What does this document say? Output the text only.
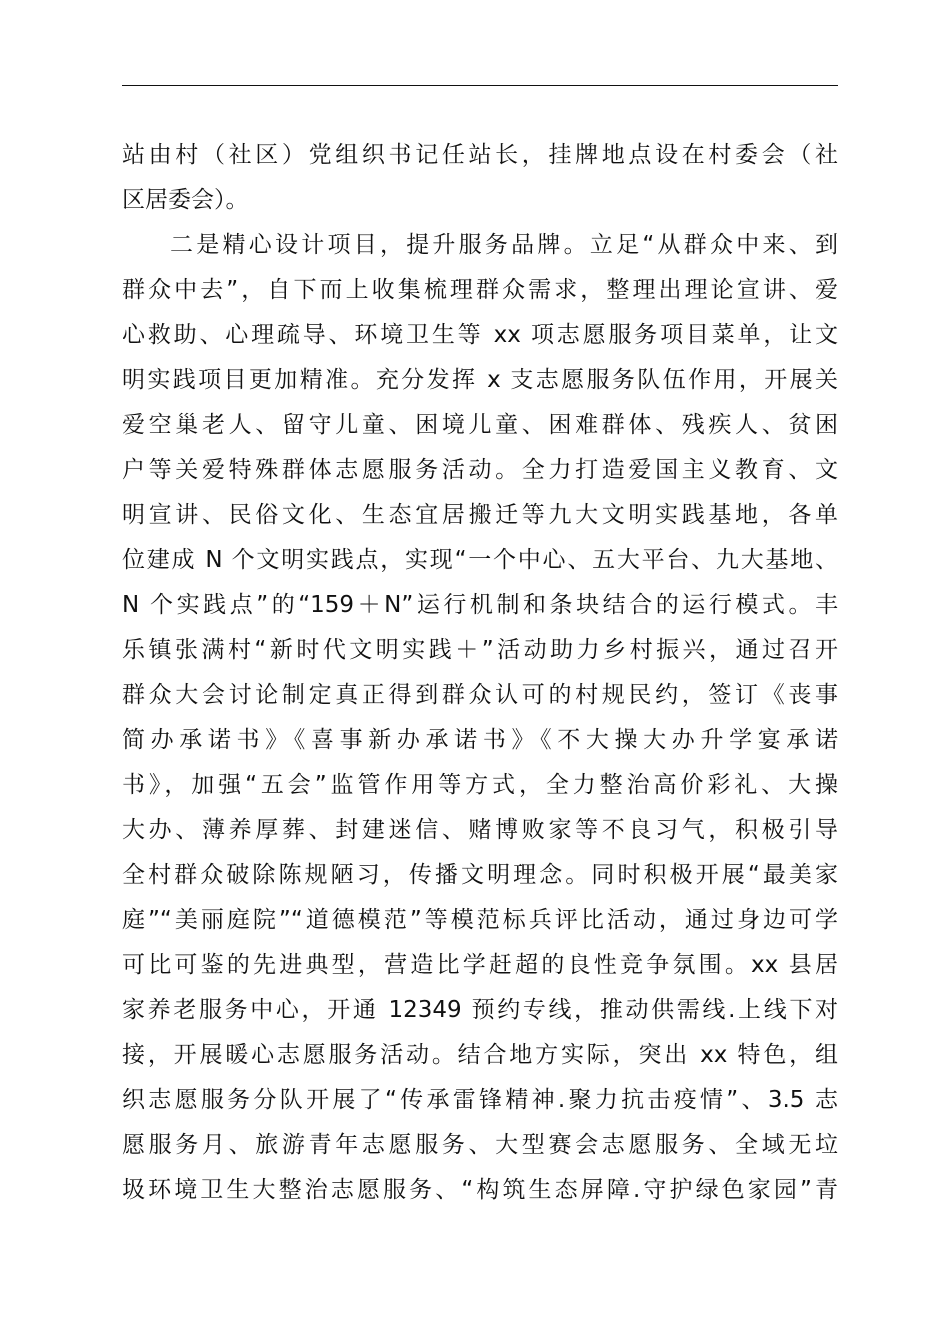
站由村（社区）党组织书记任站长，挂牌地点设在村委会（社
区居委会）。
二是精心设计项目，提升服务品牌。立足“从群众中来、到
群众中去”，自下而上收集梳理群众需求，整理出理论宣讲、爱
心救助、心理疏导、环境卫生等 xx 项志愿服务项目菜单，让文
明实践项目更加精准。充分发挥 x 支志愿服务队伍作用，开展关
爱空巢老人、留守儿童、困境儿童、困难群体、残疾人、贫困
户等关爱特殊群体志愿服务活动。全力打造爱国主义教育、文
明宣讲、民俗文化、生态宜居搬迁等九大文明实践基地，各单
位建成 N 个文明实践点，实现“一个中心、五大平台、九大基地、
N 个实践点”的“159＋N”运行机制和条块结合的运行模式。丰
乐镇张满村“新时代文明实践＋”活动助力乡村振兴，通过召开
群众大会讨论制定真正得到群众认可的村规民约，签订《丧事
简办承诺书》《喜事新办承诺书》《不大操大办升学宴承诺
书》，加强“五会”监管作用等方式，全力整治高价彩礼、大操
大办、薄养厚葬、封建迷信、赌博败家等不良习气，积极引导
全村群众破除陈规陋习，传播文明理念。同时积极开展“最美家
庭”“美丽庭院”“道德模范”等模范标兵评比活动，通过身边可学
可比可鉴的先进典型，营造比学赶超的良性竞争氛围。xx 县居
家养老服务中心，开通 12349 预约专线，推动供需线.上线下对
接，开展暖心志愿服务活动。结合地方实际，突出 xx 特色，组
织志愿服务分队开展了“传承雷锋精神.聚力抗击疫情”、3.5 志
愿服务月、旅游青年志愿服务、大型赛会志愿服务、全域无垃
圾环境卫生大整治志愿服务、“构筑生态屏障.守护绿色家园”青
